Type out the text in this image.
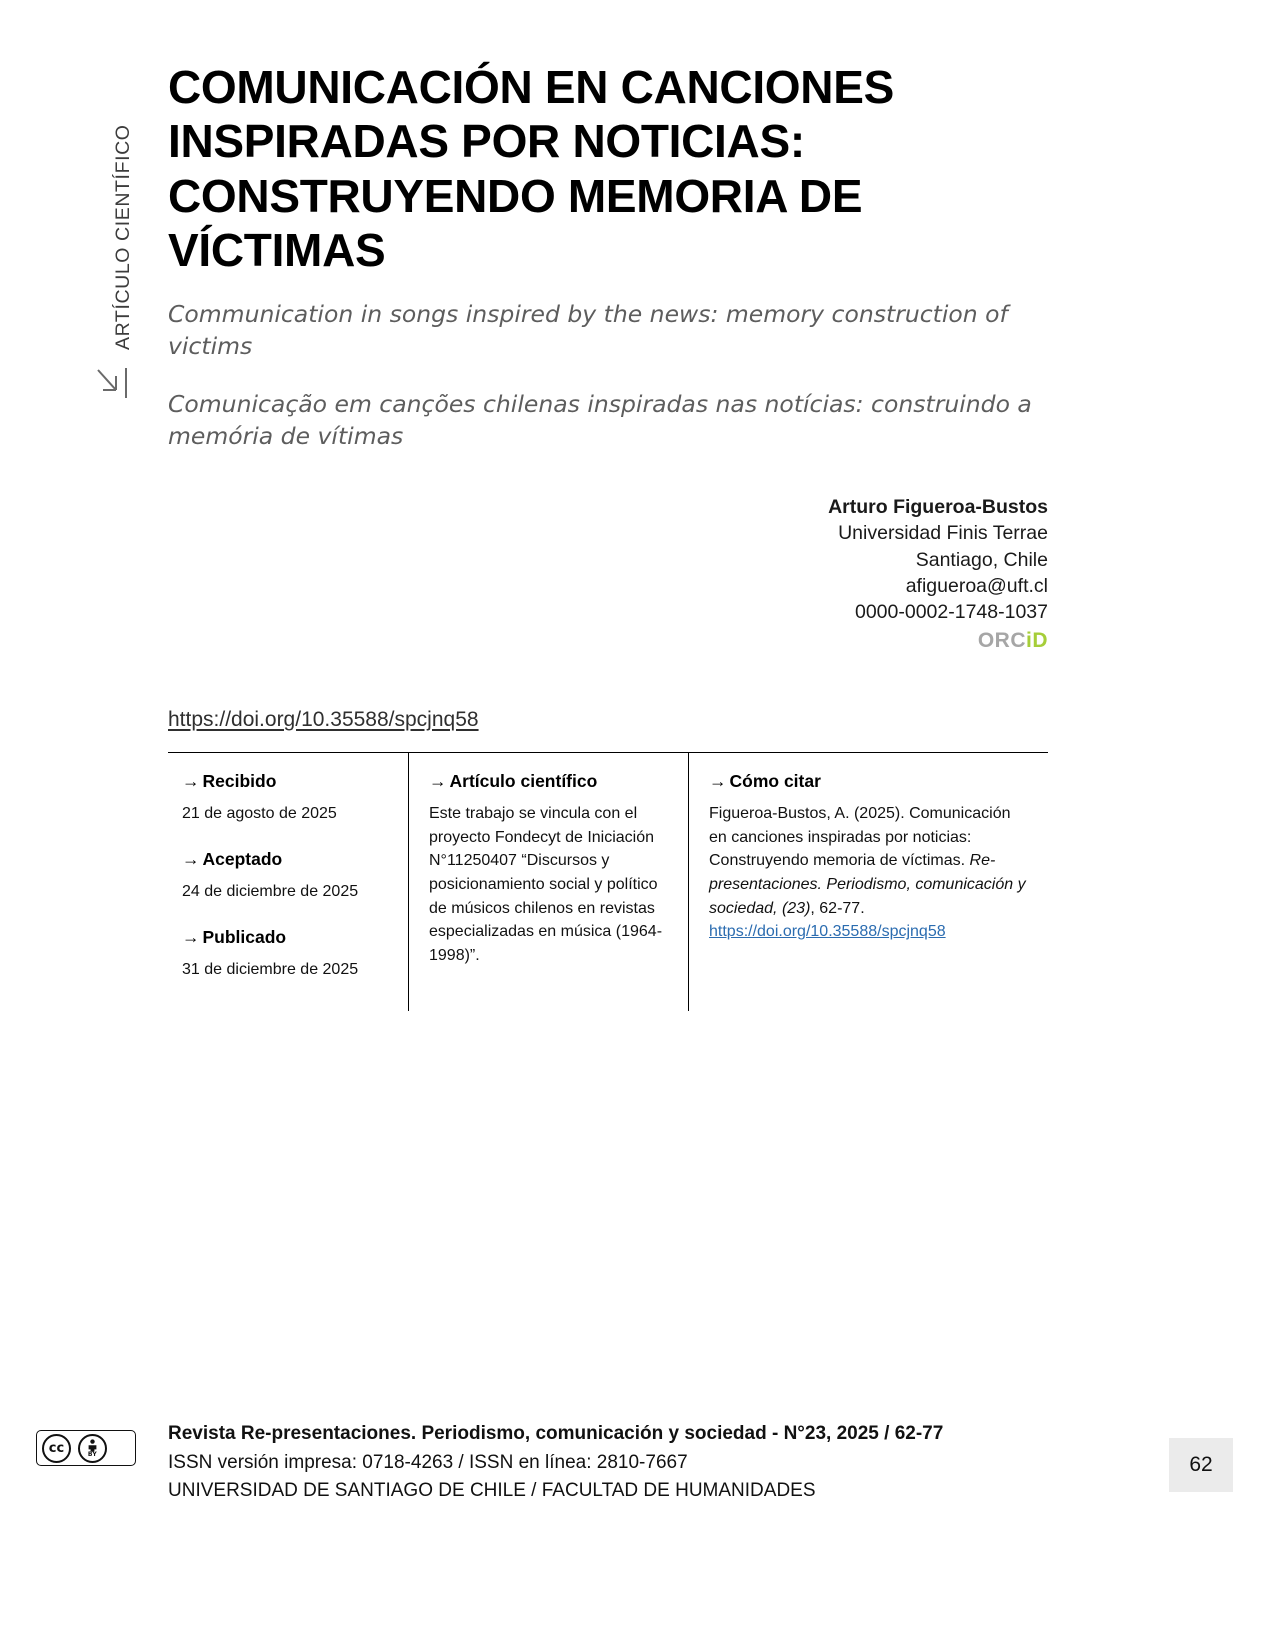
ARTÍCULO CIENTÍFICO
COMUNICACIÓN EN CANCIONES INSPIRADAS POR NOTICIAS: CONSTRUYENDO MEMORIA DE VÍCTIMAS

Communication in songs inspired by the news: memory construction of victims

Comunicação em canções chilenas inspiradas nas notícias: construindo a memória de vítimas

Arturo Figueroa-Bustos
Universidad Finis Terrae
Santiago, Chile
afigueroa@uft.cl
0000-0002-1748-1037
ORCiD
https://doi.org/10.35588/spcjnq58

→ Recibido

21 de agosto de 2025

→ Aceptado

24 de diciembre de 2025

→ Publicado

31 de diciembre de 2025

→ Artículo científico

Este trabajo se vincula con el proyecto Fondecyt de Iniciación N°11250407 “Discursos y posicionamiento social y político de músicos chilenos en revistas especializadas en música (1964-1998)”.

→ Cómo citar

Figueroa-Bustos, A. (2025). Comunicación en canciones inspiradas por noticias: Construyendo memoria de víctimas. Re-presentaciones. Periodismo, comunicación y sociedad, (23), 62-77. https://doi.org/10.35588/spcjnq58

cc	BY
Revista Re-presentaciones. Periodismo, comunicación y sociedad - N°23, 2025 / 62-77
ISSN versión impresa: 0718-4263 / ISSN en línea: 2810-7667
UNIVERSIDAD DE SANTIAGO DE CHILE / FACULTAD DE HUMANIDADES
62
